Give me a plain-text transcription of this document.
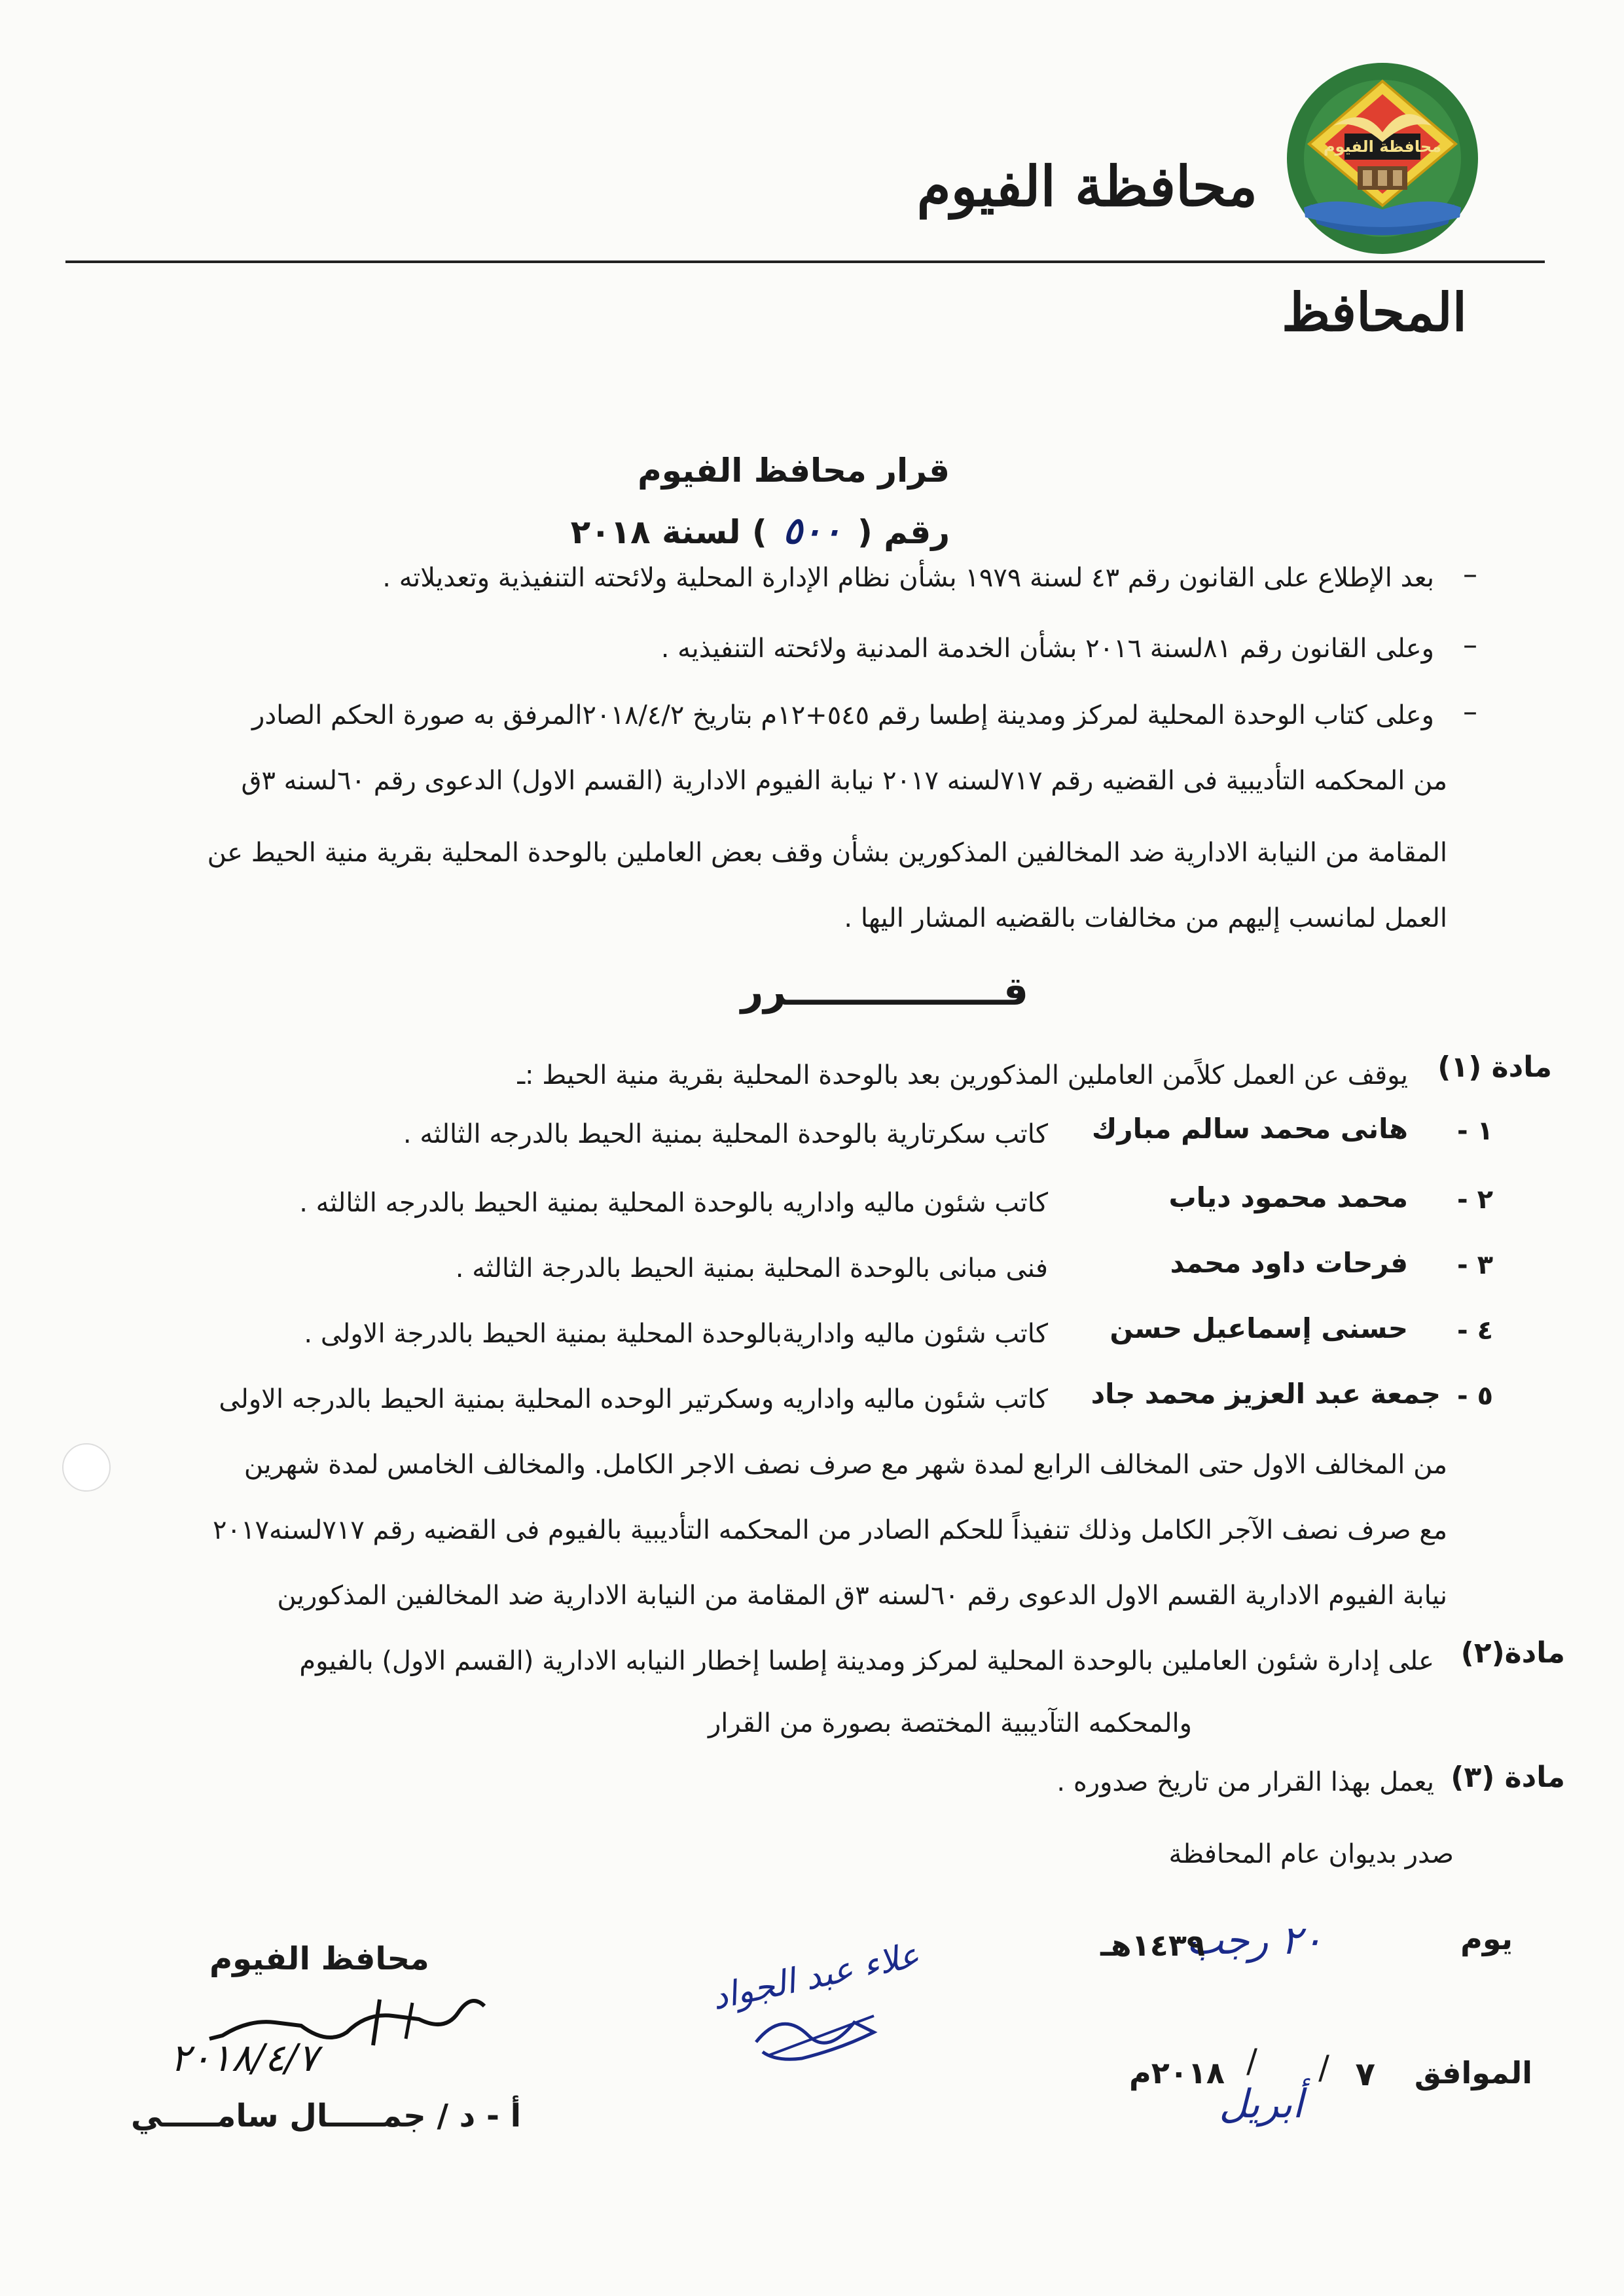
محافظة الفيوم
محافظة الفيوم
المحافظ
قرار محافظ الفيوم
رقم (٥٠٠) لسنة ٢٠١٨
–
–
–
بعد الإطلاع على القانون رقم ٤٣ لسنة ١٩٧٩ بشأن نظام الإدارة المحلية ولائحته التنفيذية وتعديلاته .
وعلى القانون رقم ٨١لسنة ٢٠١٦ بشأن الخدمة المدنية ولائحته التنفيذيه .
وعلى كتاب الوحدة المحلية لمركز ومدينة إطسا رقم ٥٤٥+١٢م بتاريخ ٢٠١٨/٤/٢المرفق به صورة الحكم الصادر
من المحكمه التأديبية فى القضيه رقم ٧١٧لسنه ٢٠١٧ نيابة الفيوم الادارية (القسم الاول) الدعوى رقم ٦٠لسنه ٣ق
المقامة من النيابة الادارية ضد المخالفين المذكورين بشأن وقف بعض العاملين بالوحدة المحلية بقرية منية الحيط عن
العمل لمانسب إليهم من مخالفات بالقضيه المشار اليها .
قــــــــــــــــرر
مادة (١)
يوقف عن العمل كلاًمن العاملين المذكورين بعد بالوحدة المحلية بقرية منية الحيط :ـ
١ -
هانى محمد سالم مبارك
كاتب سكرتارية بالوحدة المحلية بمنية الحيط بالدرجه الثالثه .
٢ -
محمد محمود دياب
كاتب شئون ماليه واداريه بالوحدة المحلية بمنية الحيط بالدرجه الثالثه .
٣ -
فرحات داود محمد
فنى مبانى بالوحدة المحلية بمنية الحيط بالدرجة الثالثه .
٤ -
حسنى إسماعيل حسن
كاتب شئون ماليه واداريةبالوحدة المحلية بمنية الحيط بالدرجة الاولى .
٥ -
جمعة عبد العزيز محمد جاد
كاتب شئون ماليه واداريه وسكرتير الوحده المحلية بمنية الحيط بالدرجه الاولى
من المخالف الاول حتى المخالف الرابع لمدة شهر مع صرف نصف الاجر الكامل. والمخالف الخامس لمدة شهرين
مع صرف نصف الآجر الكامل وذلك تنفيذاً للحكم الصادر من المحكمه التأديبية بالفيوم فى القضيه رقم ٧١٧لسنه٢٠١٧
نيابة الفيوم الادارية القسم الاول الدعوى رقم ٦٠لسنه ٣ق المقامة من النيابة الادارية ضد المخالفين المذكورين
مادة(٢)
على إدارة شئون العاملين بالوحدة المحلية لمركز ومدينة إطسا إخطار النيابه الادارية (القسم الاول) بالفيوم
والمحكمه التآديبية المختصة بصورة من القرار
مادة (٣)
يعمل بهذا القرار من تاريخ صدوره .
صدر بديوان عام المحافظة
يوم
٢٠ رجب
١٤٣٩هـ
الموافق
٧
/
أبريل
/
٢٠١٨م
علاء عبد الجواد
محافظ الفيوم
٢٠١٨/٤/٧
أ - د / جمـــــال سامـــــي
